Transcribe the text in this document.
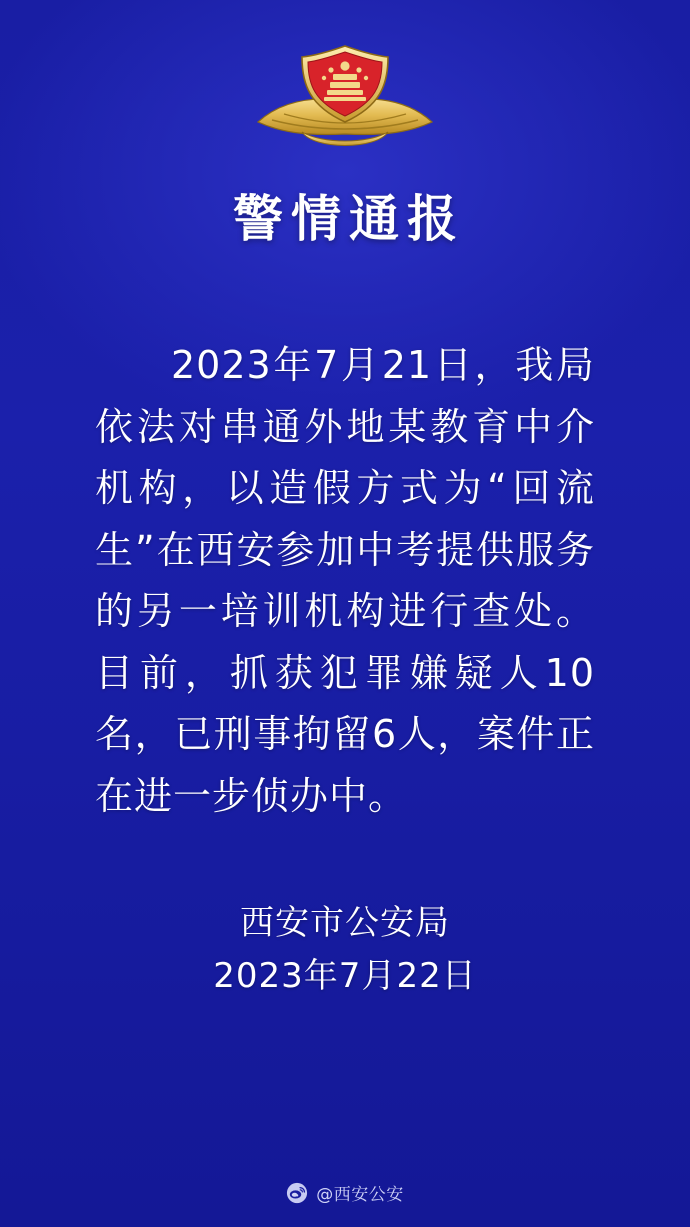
警情通报
2023年7月21日，我局依法对串通外地某教育中介机构，以造假方式为“回流生”在西安参加中考提供服务的另一培训机构进行查处。目前，抓获犯罪嫌疑人10名，已刑事拘留6人，案件正在进一步侦办中。
西安市公安局
2023年7月22日
@西安公安
